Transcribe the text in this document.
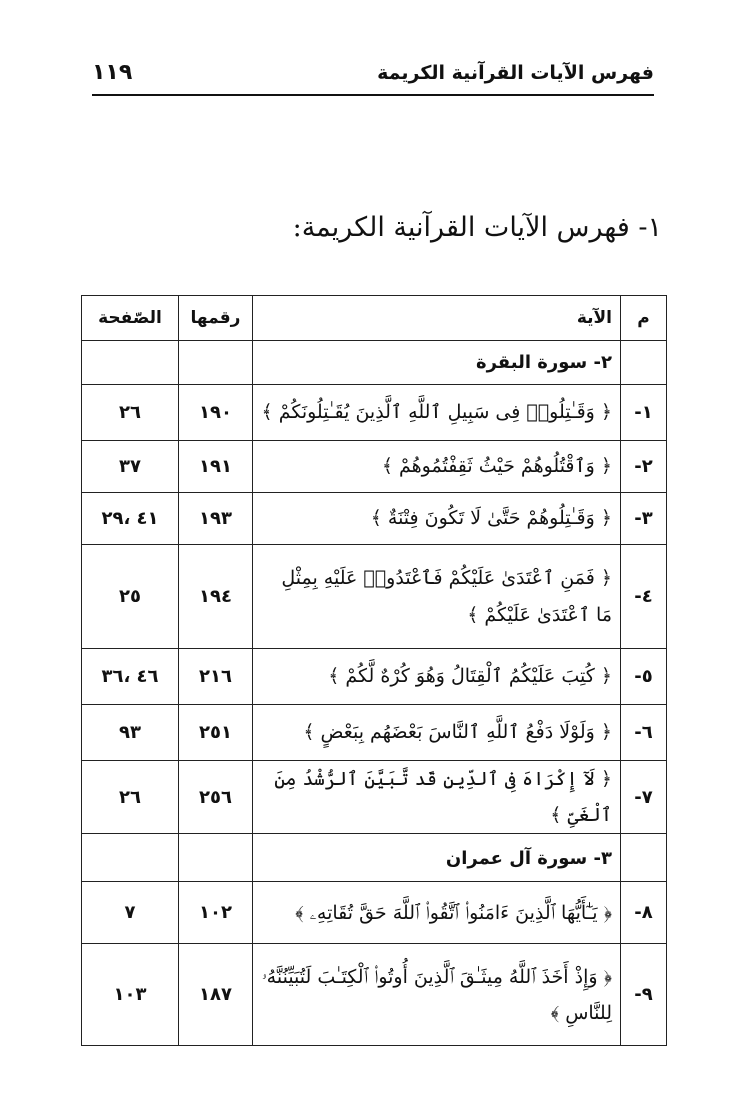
فهرس الآيات القرآنية الكريمة
١١٩
١- فهرس الآيات القرآنية الكريمة:
م	الآية	رقمها	الصّفحة
	٢- سورة البقرة		
١-	﴿ وَقَـٰتِلُوا۟ فِى سَبِيلِ ٱللَّهِ ٱلَّذِينَ يُقَـٰتِلُونَكُمْ ﴾	١٩٠	٢٦
٢-	﴿ وَٱقْتُلُوهُمْ حَيْثُ ثَقِفْتُمُوهُمْ ﴾	١٩١	٣٧
٣-	﴿ وَقَـٰتِلُوهُمْ حَتَّىٰ لَا تَكُونَ فِتْنَةٌ ﴾	١٩٣	٤١ ،٢٩
٤-	﴿ فَمَنِ ٱعْتَدَىٰ عَلَيْكُمْ فَٱعْتَدُوا۟ عَلَيْهِ بِمِثْلِ مَا ٱعْتَدَىٰ عَلَيْكُمْ ﴾	١٩٤	٢٥
٥-	﴿ كُتِبَ عَلَيْكُمُ ٱلْقِتَالُ وَهُوَ كُرْهٌ لَّكُمْ ﴾	٢١٦	٤٦ ،٣٦
٦-	﴿ وَلَوْلَا دَفْعُ ٱللَّهِ ٱلنَّاسَ بَعْضَهُم بِبَعْضٍ ﴾	٢٥١	٩٣
٧-	﴿ لَآ إِكْرَاهَ فِى ٱلدِّينِ قَد تَّبَيَّنَ ٱلرُّشْدُ مِنَ ٱلْغَىِّ ﴾	٢٥٦	٢٦
	٣- سورة آل عمران		
٨-	﴿ يَـٰٓأَيُّهَا ٱلَّذِينَ ءَامَنُوا۟ ٱتَّقُوا۟ ٱللَّهَ حَقَّ تُقَاتِهِۦ ﴾	١٠٢	٧
٩-	﴿ وَإِذْ أَخَذَ ٱللَّهُ مِيثَـٰقَ ٱلَّذِينَ أُوتُوا۟ ٱلْكِتَـٰبَ لَتُبَيِّنُنَّهُۥ لِلنَّاسِ ﴾	١٨٧	١٠٣
